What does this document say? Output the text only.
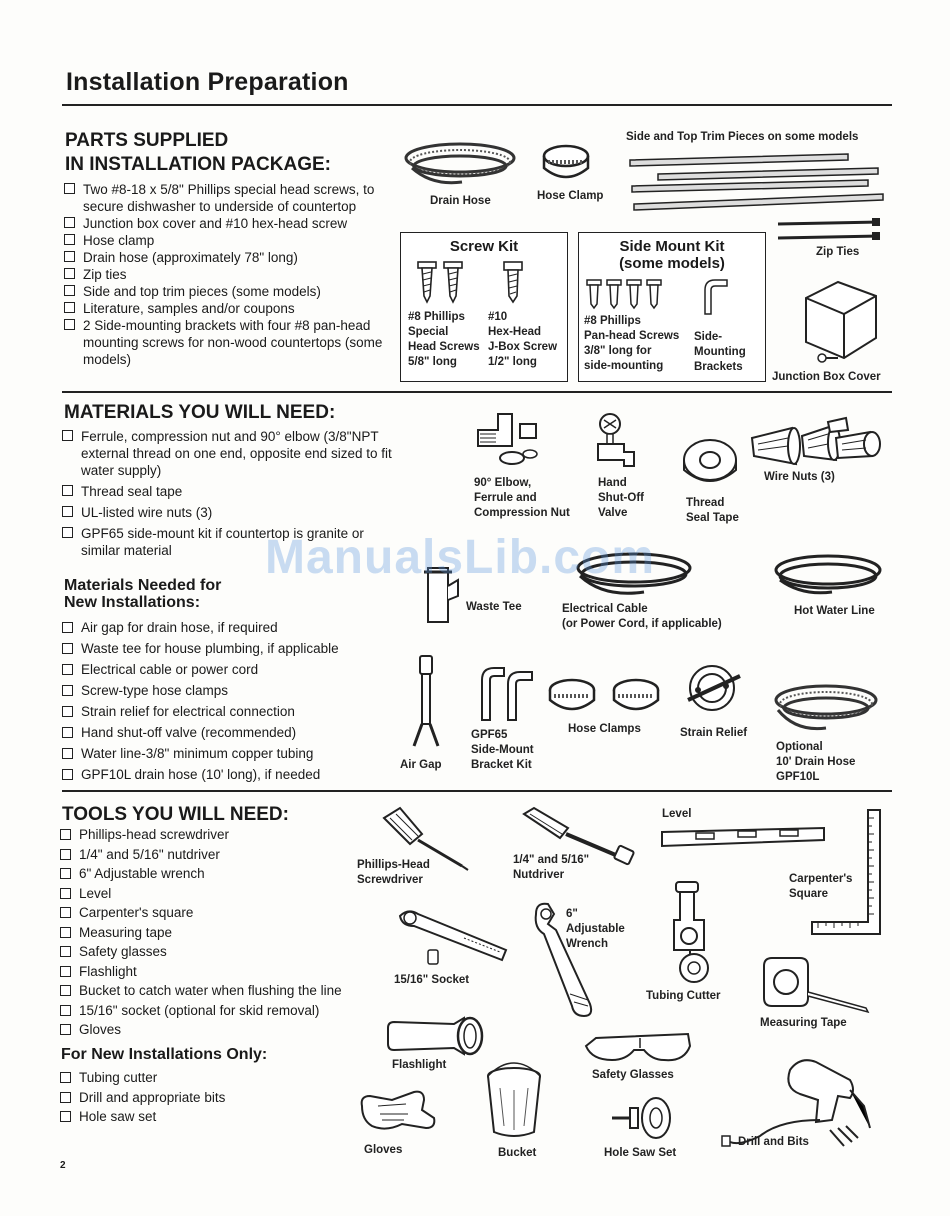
Installation Preparation
PARTS SUPPLIED
IN INSTALLATION PACKAGE:
Two #8-18 x 5/8" Phillips special head screws, to secure dishwasher to underside of countertop
Junction box cover and #10 hex-head screw
Hose clamp
Drain hose (approximately 78" long)
Zip ties
Side and top trim pieces (some models)
Literature, samples and/or coupons
2 Side-mounting brackets with four #8 pan-head mounting screws for non-wood countertops (some models)
Drain Hose	Hose Clamp
Side and Top Trim Pieces on some models
Zip Ties
Screw Kit
#8 Phillips
Special
Head Screws
5/8" long
#10
Hex-Head
J-Box Screw
1/2" long
Side Mount Kit
(some models)
#8 Phillips
Pan-head Screws
3/8" long for
side-mounting
Side-
Mounting
Brackets
Junction Box Cover
MATERIALS YOU WILL NEED:
Ferrule, compression nut and 90° elbow (3/8"NPT external thread on one end, opposite end sized to fit water supply)
Thread seal tape
UL-listed wire nuts (3)
GPF65 side-mount kit if countertop is granite or similar material
90° Elbow,
Ferrule and
Compression Nut
Hand
Shut-Off
Valve
Thread
Seal Tape
Wire Nuts (3)
Materials Needed for
New Installations:
Air gap for drain hose, if required
Waste tee for house plumbing, if applicable
Electrical cable or power cord
Screw-type hose clamps
Strain relief for electrical connection
Hand shut-off valve (recommended)
Water line-3/8" minimum copper tubing
GPF10L drain hose (10' long), if needed
Waste Tee	Electrical Cable
(or Power Cord, if applicable)
Hot Water Line
Air Gap
GPF65
Side-Mount
Bracket Kit
Hose Clamps	Strain Relief
Optional
10' Drain Hose
GPF10L
TOOLS YOU WILL NEED:
Phillips-head screwdriver
1/4" and 5/16" nutdriver
6" Adjustable wrench
Level
Carpenter's square
Measuring tape
Safety glasses
Flashlight
Bucket to catch water when flushing the line
15/16" socket (optional for skid removal)
Gloves
For New Installations Only:
Tubing cutter
Drill and appropriate bits
Hole saw set
Phillips-Head
Screwdriver
1/4" and 5/16"
Nutdriver
Level
Carpenter's
Square
15/16" Socket
6"
Adjustable
Wrench
Tubing Cutter
Measuring Tape
Flashlight
Safety Glasses
Gloves	Bucket	Hole Saw Set
Drill and Bits
ManualsLib.com
2
